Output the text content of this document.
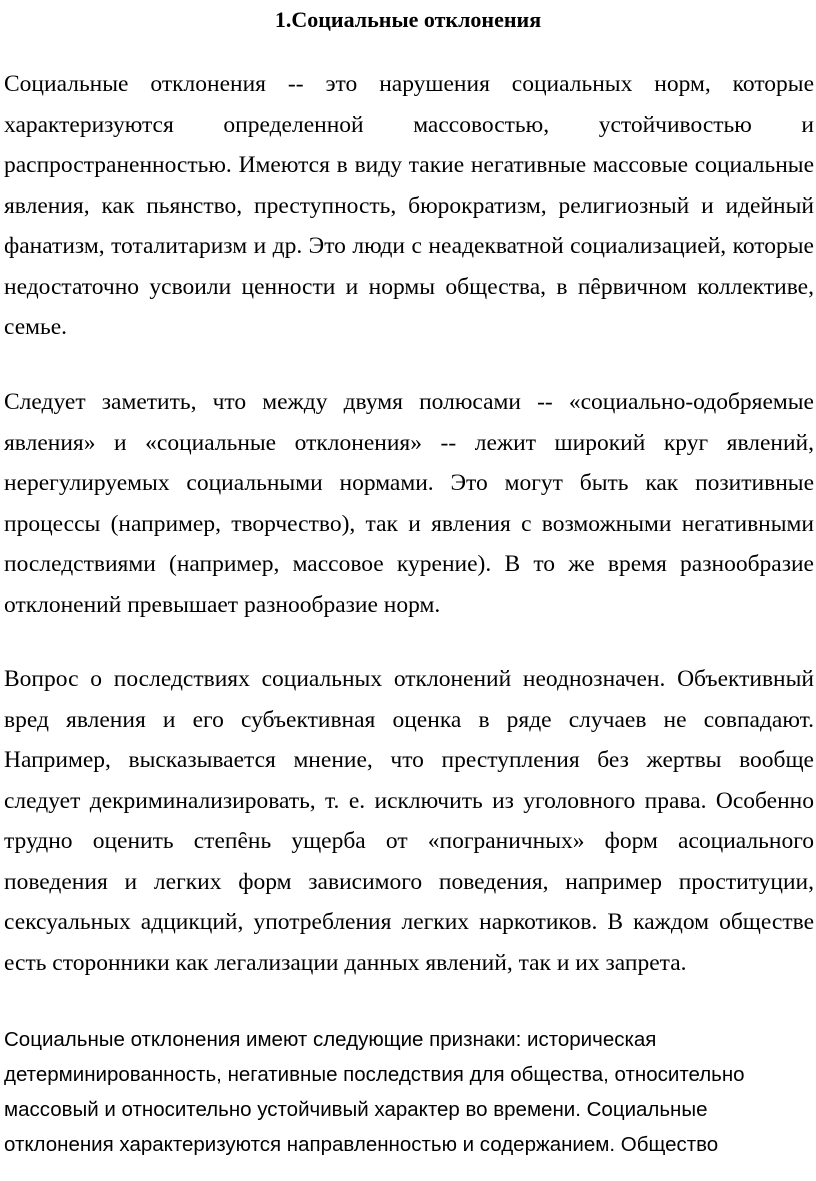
1.Социальные отклонения

Социальные отклонения -- это нарушения социальных норм, которые характеризуются определенной массовостью, устойчивостью и распространенностью. Имеются в виду такие негативные массовые социальные явления, как пьянство, преступность, бюрократизм, религиозный и идейный фанатизм, тоталитаризм и др. Это люди с неадекватной социализацией, которые недостаточно усвоили ценности и нормы общества, в пȇрвичном коллективе, семье.

Следует заметить, что между двумя полюсами -- «социально-одобряемые явления» и «социальные отклонения» -- лежит широкий круг явлений, нерегулируемых социальными нормами. Это могут быть как позитивные процессы (например, творчество), так и явления с возможными негативными последствиями (например, массовое курение). В то же время разнообразие отклонений превышает разнообразие норм.

Вопрос о последствиях социальных отклонений неоднозначен. Объективный вред явления и его субъективная оценка в ряде случаев не совпадают. Например, высказывается мнение, что преступления без жертвы вообще следует декриминализировать, т. е. исключить из уголовного права. Особенно трудно оценить степȇнь ущерба от «пограничных» форм асоциального поведения и легких форм зависимого поведения, например проституции, сексуальных адцикций, употребления легких наркотиков. В каждом обществе есть сторонники как легализации данных явлений, так и их запрета.

Социальные отклонения имеют следующие признаки: историческая детерминированность, негативные последствия для общества, относительно массовый и относительно устойчивый характер во времени. Социальные отклонения характеризуются направленностью и содержанием. Общество
